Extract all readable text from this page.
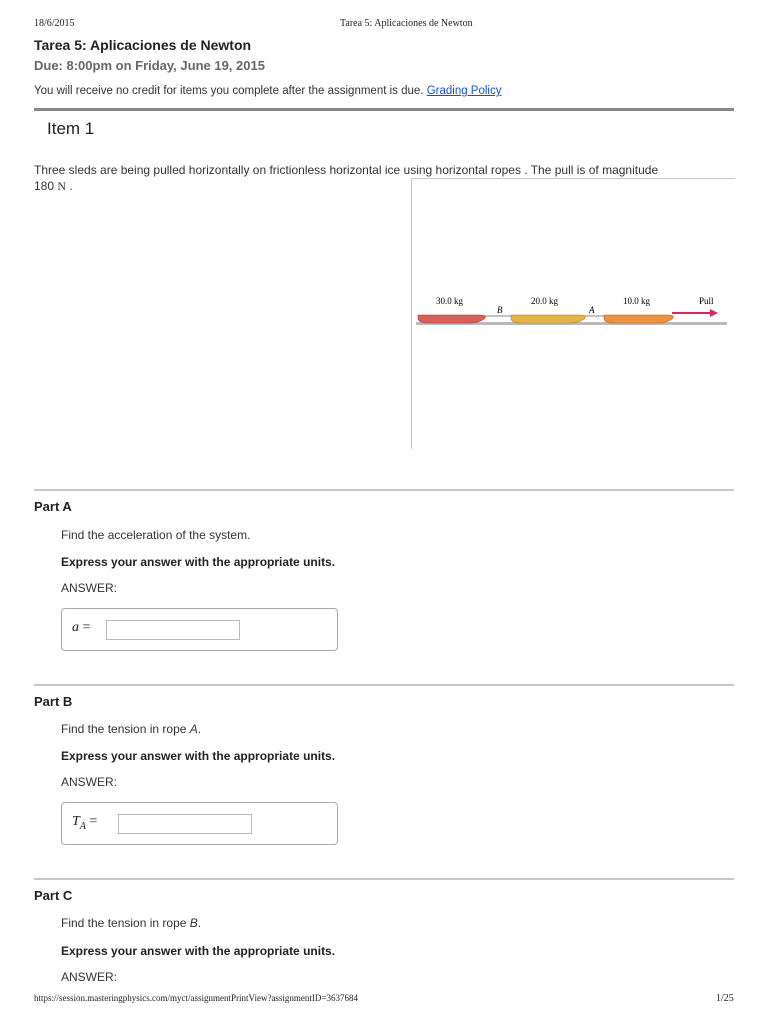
18/6/2015	Tarea 5: Aplicaciones de Newton
Tarea 5: Aplicaciones de Newton
Due: 8:00pm on Friday, June 19, 2015
You will receive no credit for items you complete after the assignment is due. Grading Policy
Item 1
Three sleds are being pulled horizontally on frictionless horizontal ice using horizontal ropes . The pull is of magnitude
180 N .
30.0 kg	20.0 kg	10.0 kg
B	A
Pull
Part A
Find the acceleration of the system.
Express your answer with the appropriate units.
ANSWER:
a =
Part B
Find the tension in rope A.
Express your answer with the appropriate units.
ANSWER:
$T_A$ =
Part C
Find the tension in rope B.
Express your answer with the appropriate units.
ANSWER:
https://session.masteringphysics.com/myct/assignmentPrintView?assignmentID=3637684	1/25
